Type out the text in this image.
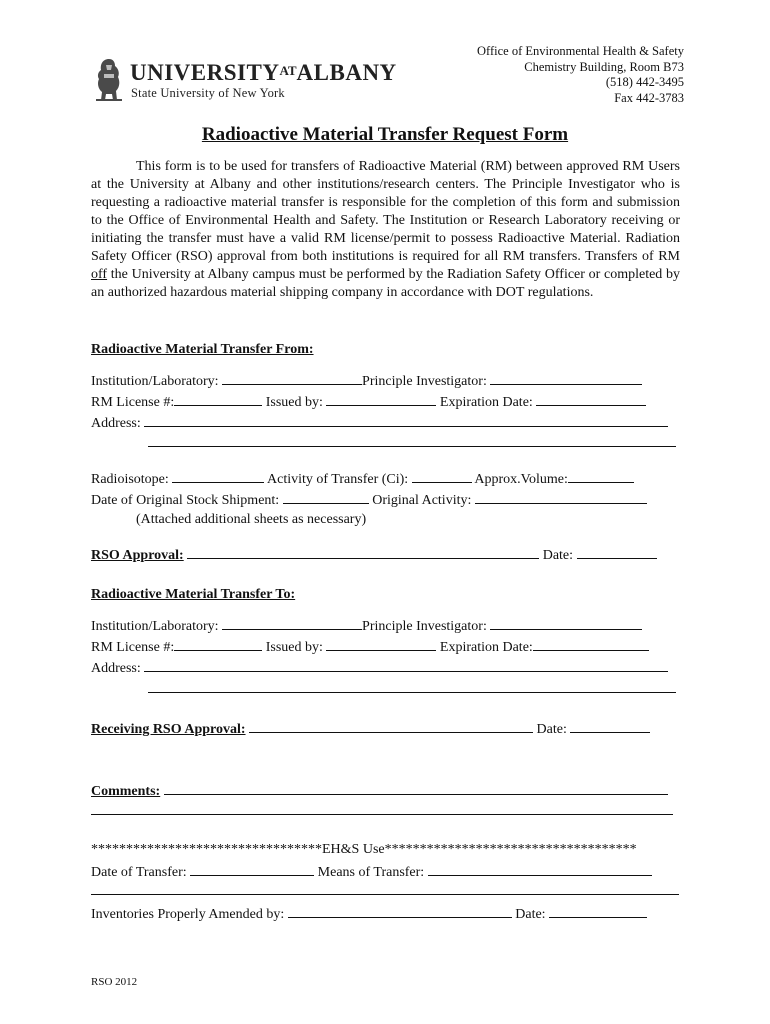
$UNIVERSITY^{AT}ALBANY$
State University of New York
Office of Environmental Health & Safety
Chemistry Building, Room B73
(518) 442-3495
Fax 442-3783
Radioactive Material Transfer Request Form
This form is to be used for transfers of Radioactive Material (RM) between approved RM Users at the University at Albany and other institutions/research centers. The Principle Investigator who is requesting a radioactive material transfer is responsible for the completion of this form and submission to the Office of Environmental Health and Safety. The Institution or Research Laboratory receiving or initiating the transfer must have a valid RM license/permit to possess Radioactive Material. Radiation Safety Officer (RSO) approval from both institutions is required for all RM transfers. Transfers of RM off the University at Albany campus must be performed by the Radiation Safety Officer or completed by an authorized hazardous material shipping company in accordance with DOT regulations.
Radioactive Material Transfer From:
Institution/Laboratory:	Principle Investigator:
RM License #:	Issued by:	Expiration Date:
Address:
Radioisotope:	Activity of Transfer (Ci):	Approx.Volume:
Date of Original Stock Shipment:	Original Activity:
(Attached additional sheets as necessary)
RSO Approval:	Date:
Radioactive Material Transfer To:
Institution/Laboratory:	Principle Investigator:
RM License #:	Issued by:	Expiration Date:
Address:
Receiving RSO Approval:	Date:
Comments:
*********************************EH&S Use************************************
Date of Transfer:	Means of Transfer:
Inventories Properly Amended by:	Date:
RSO 2012
